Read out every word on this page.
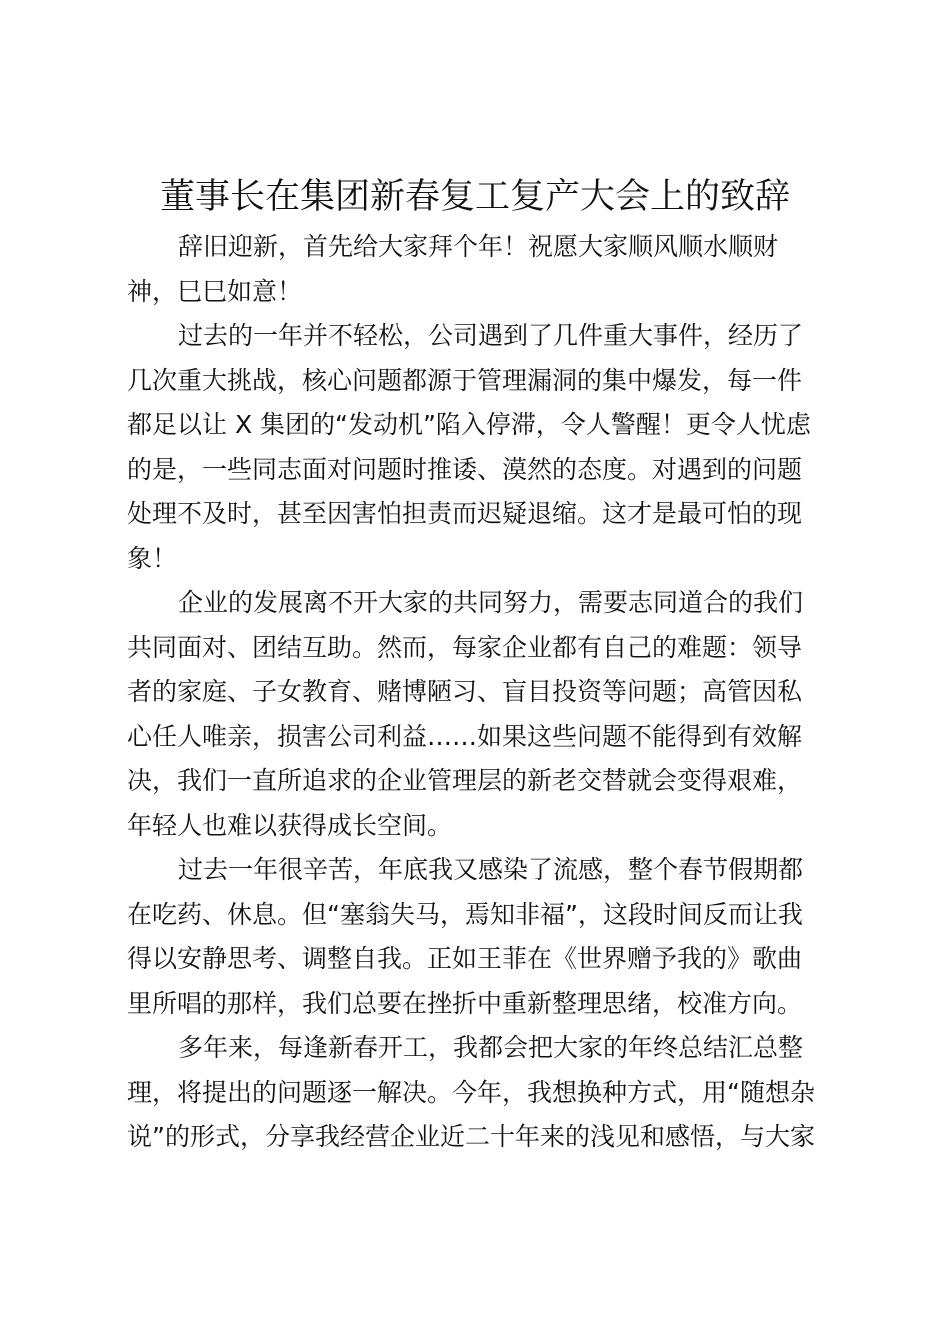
董事长在集团新春复工复产大会上的致辞
辞旧迎新，首先给大家拜个年！祝愿大家顺风顺水顺财
神，巳巳如意！
过去的一年并不轻松，公司遇到了几件重大事件，经历了
几次重大挑战，核心问题都源于管理漏洞的集中爆发，每一件
都足以让 X 集团的“发动机”陷入停滞，令人警醒！更令人忧虑
的是，一些同志面对问题时推诿、漠然的态度。对遇到的问题
处理不及时，甚至因害怕担责而迟疑退缩。这才是最可怕的现
象！
企业的发展离不开大家的共同努力，需要志同道合的我们
共同面对、团结互助。然而，每家企业都有自己的难题：领导
者的家庭、子女教育、赌博陋习、盲目投资等问题；高管因私
心任人唯亲，损害公司利益……如果这些问题不能得到有效解
决，我们一直所追求的企业管理层的新老交替就会变得艰难，
年轻人也难以获得成长空间。
过去一年很辛苦，年底我又感染了流感，整个春节假期都
在吃药、休息。但“塞翁失马，焉知非福”，这段时间反而让我
得以安静思考、调整自我。正如王菲在《世界赠予我的》歌曲
里所唱的那样，我们总要在挫折中重新整理思绪，校准方向。
多年来，每逢新春开工，我都会把大家的年终总结汇总整
理，将提出的问题逐一解决。今年，我想换种方式，用“随想杂
说”的形式，分享我经营企业近二十年来的浅见和感悟，与大家
